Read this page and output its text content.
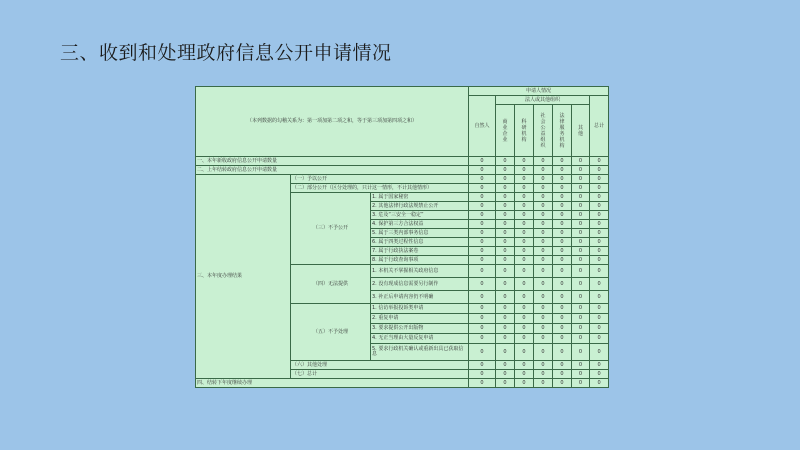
三、收到和处理政府信息公开申请情况
（本列数据的勾稽关系为：第一项加第二项之和，等于第三项加第四项之和）			申请人情况						
			自然人	法人或其他组织					总计
				商业企业	科研机构	社会公益组织	法律服务机构	其他	
一、本年新收政府信息公开申请数量			0	0	0	0	0	0	0
二、上年结转政府信息公开申请数量			0	0	0	0	0	0	0
三、本年度办理结果	（一）予以公开		0	0	0	0	0	0	0
	（二）部分公开（区分处理的，只计这一情形，不计其他情形）		0	0	0	0	0	0	0
	（三）不予公开	1. 属于国家秘密	0	0	0	0	0	0	0
		2. 其他法律行政法规禁止公开	0	0	0	0	0	0	0
		3. 危及“三安全一稳定”	0	0	0	0	0	0	0
		4. 保护第三方合法权益	0	0	0	0	0	0	0
		5. 属于三类内部事务信息	0	0	0	0	0	0	0
		6. 属于四类过程性信息	0	0	0	0	0	0	0
		7. 属于行政执法案卷	0	0	0	0	0	0	0
		8. 属于行政查询事项	0	0	0	0	0	0	0
	（四）无法提供	1. 本机关不掌握相关政府信息	0	0	0	0	0	0	0
		2. 没有现成信息需要另行制作	0	0	0	0	0	0	0
		3. 补正后申请内容仍不明确	0	0	0	0	0	0	0
	（五）不予处理	1. 信访举报投诉类申请	0	0	0	0	0	0	0
		2. 重复申请	0	0	0	0	0	0	0
		3. 要求提供公开出版物	0	0	0	0	0	0	0
		4. 无正当理由大量反复申请	0	0	0	0	0	0	0
		5. 要求行政机关确认或重新出具已获取信息	0	0	0	0	0	0	0
	（六）其他处理		0	0	0	0	0	0	0
	（七）总计		0	0	0	0	0	0	0
四、结转下年度继续办理			0	0	0	0	0	0	0
